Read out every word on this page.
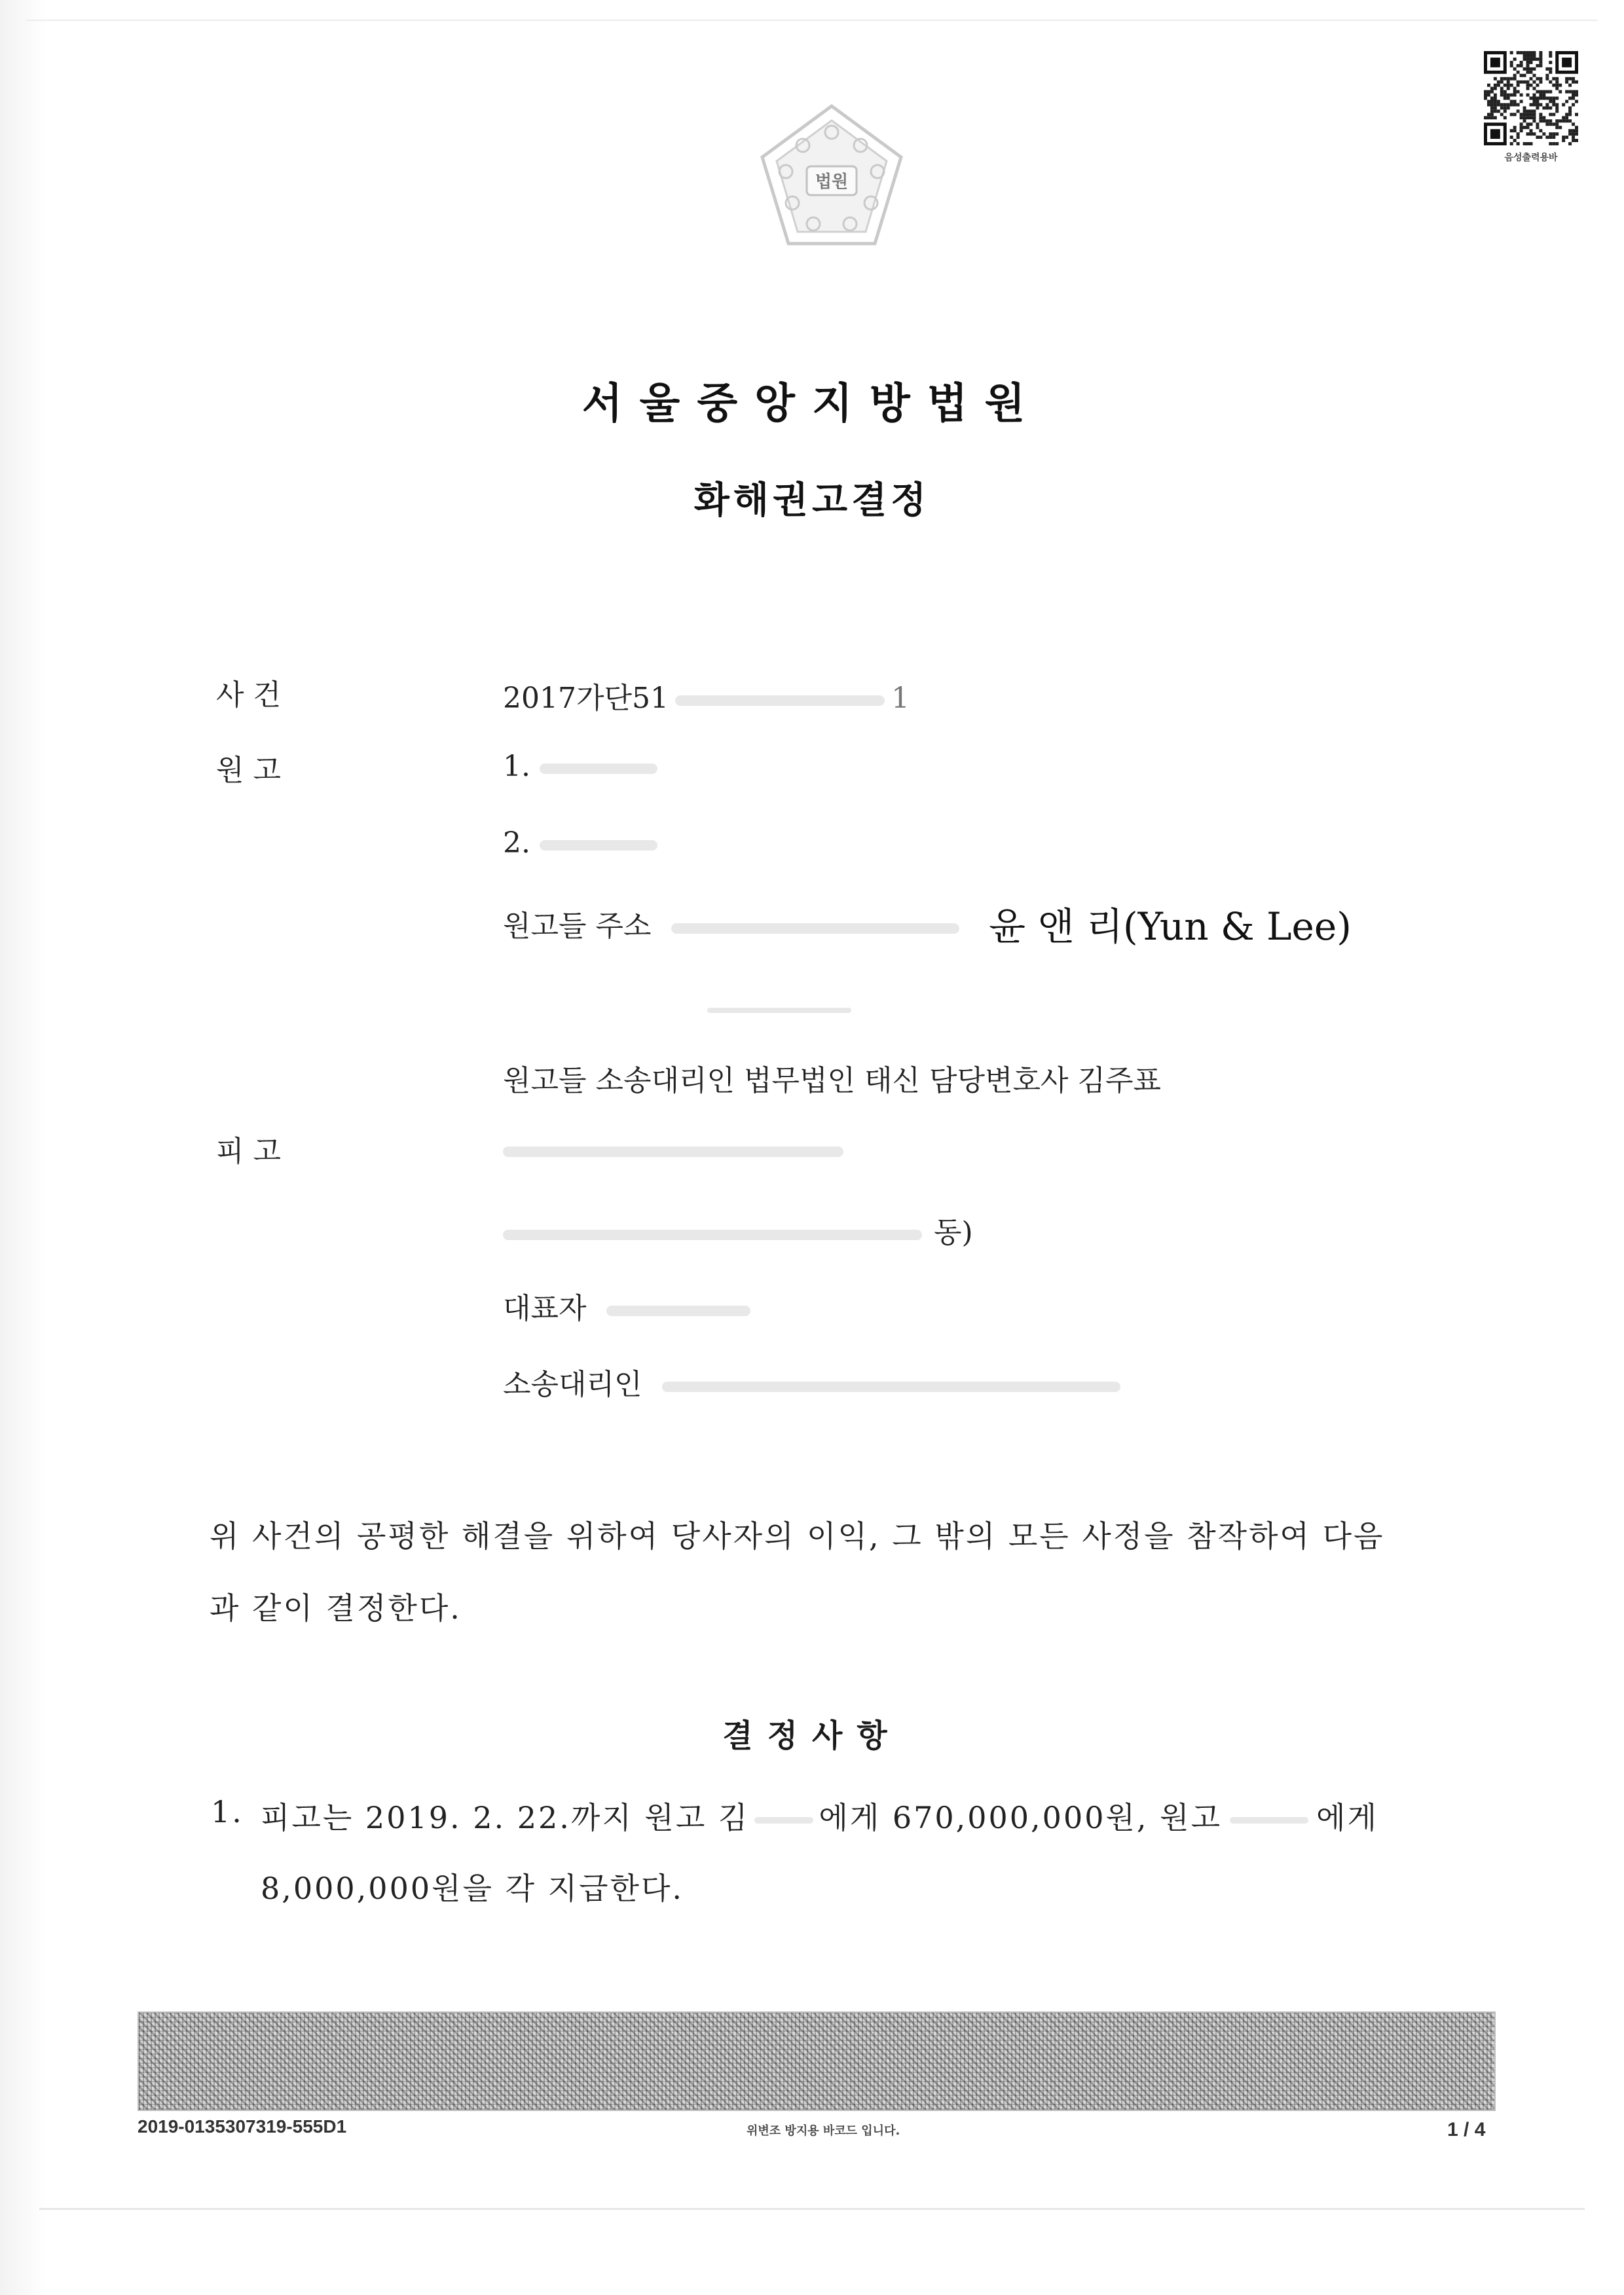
법원
음성출력용바
서울중앙지방법원
화해권고결정
사 건	2017가단51	1
원 고	1.
2.
원고들 주소	윤 앤 리(Yun & Lee)
원고들 소송대리인 법무법인 태신 담당변호사 김주표
피 고
동)
대표자
소송대리인
위 사건의 공평한 해결을 위하여 당사자의 이익, 그 밖의 모든 사정을 참작하여 다음
과 같이 결정한다.
결정사항
1. 피고는 2019. 2. 22.까지 원고 김 에게 670,000,000원, 원고	에게
8,000,000원을 각 지급한다.
2019-0135307319-555D1	위변조 방지용 바코드 입니다.	1 / 4
